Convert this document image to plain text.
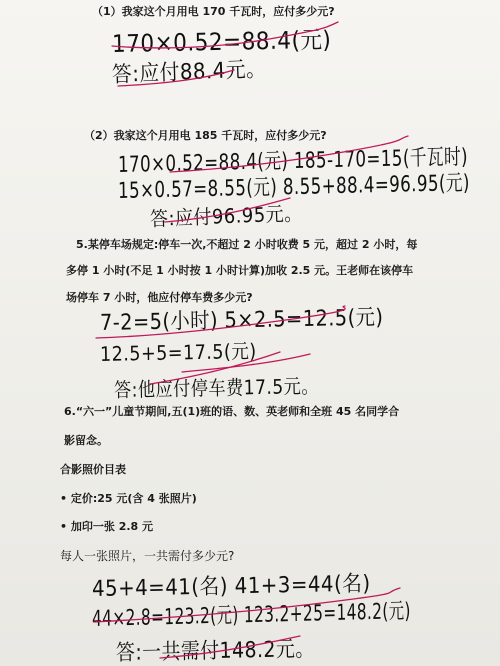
（1）我家这个月用电 170 千瓦时，应付多少元?
170×0.52=88.4(元)
答:应付88.4元。
（2）我家这个月用电 185 千瓦时，应付多少元?
170×0.52=88.4(元) 185-170=15(千瓦时)
15×0.57=8.55(元) 8.55+88.4=96.95(元)
答:应付96.95元。
5.某停车场规定:停车一次,不超过 2 小时收费 5 元，超过 2 小时，每
多停 1 小时(不足 1 小时按 1 小时计算)加收 2.5 元。王老师在该停车
场停车 7 小时，他应付停车费多少元?
7-2=5(小时) 5×2.5=12.5(元)
12.5+5=17.5(元)
答:他应付停车费17.5元。
6.“六一”儿童节期间,五(1)班的语、数、英老师和全班 45 名同学合
影留念。
合影照价目表
• 定价:25 元(含 4 张照片)
• 加印一张 2.8 元
每人一张照片，一共需付多少元?
45+4=41(名) 41+3=44(名)
44×2.8=123.2(元) 123.2+25=148.2(元)
答:一共需付148.2元。
